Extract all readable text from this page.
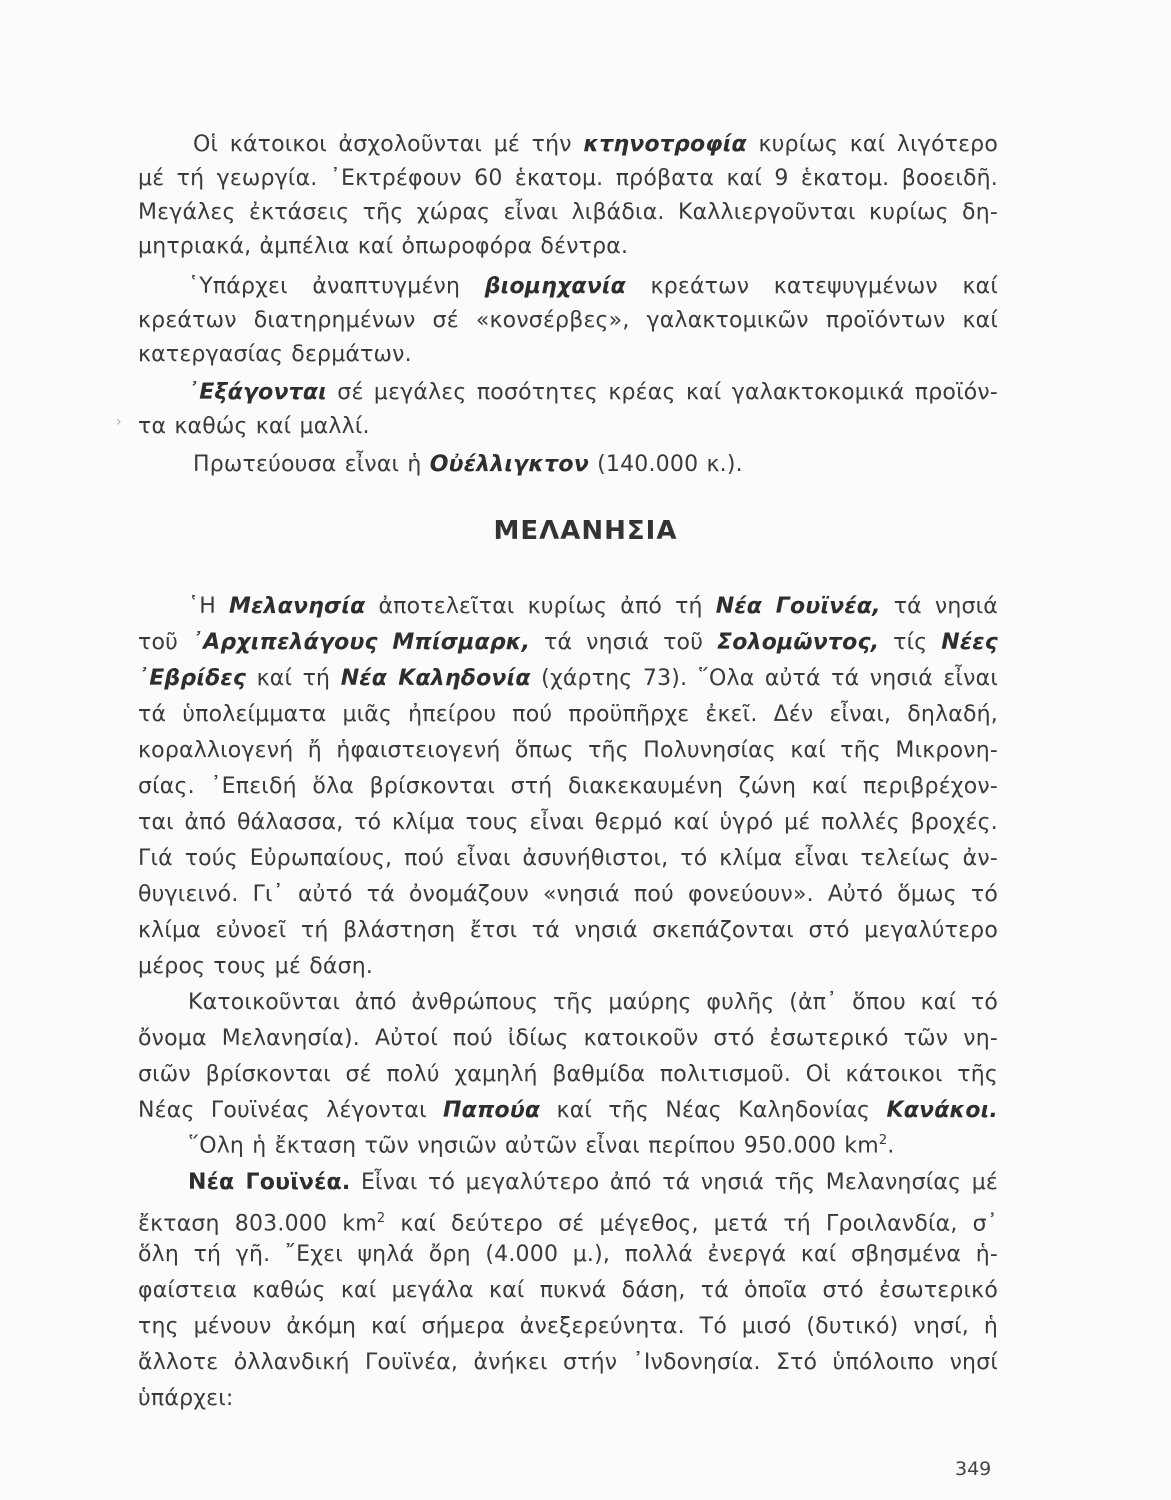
Οἱ κάτοικοι ἀσχολοῦνται μέ τήν κτηνοτροφία κυρίως καί λιγότερο
μέ τή γεωργία. ᾿Εκτρέφουν 60 ἑκατομ. πρόβατα καί 9 ἑκατομ. βοοειδῆ.
Μεγάλες ἐκτάσεις τῆς χώρας εἶναι λιβάδια. Καλλιεργοῦνται κυρίως δη-
μητριακά, ἀμπέλια καί ὀπωροφόρα δέντρα.
῾Υπάρχει ἀναπτυγμένη βιομηχανία κρεάτων κατεψυγμένων καί
κρεάτων διατηρημένων σέ «κονσέρβες», γαλακτομικῶν προϊόντων καί
κατεργασίας δερμάτων.
᾿Εξάγονται σέ μεγάλες ποσότητες κρέας καί γαλακτοκομικά προϊόν-
› τα καθώς καί μαλλί.
Πρωτεύουσα εἶναι ἡ Οὐέλλιγκτον (140.000 κ.).
ΜΕΛΑΝΗΣΙΑ
῾Η Μελανησία ἀποτελεῖται κυρίως ἀπό τή Νέα Γουϊνέα, τά νησιά
τοῦ ᾿Αρχιπελάγους Μπίσμαρκ, τά νησιά τοῦ Σολομῶντος, τίς Νέες
᾿Εβρίδες καί τή Νέα Καληδονία (χάρτης 73). ῞Ολα αὐτά τά νησιά εἶναι
τά ὑπολείμματα μιᾶς ἠπείρου πού προϋπῆρχε ἐκεῖ. Δέν εἶναι, δηλαδή,
κοραλλιογενή ἤ ἡφαιστειογενή ὅπως τῆς Πολυνησίας καί τῆς Μικρονη-
σίας. ᾿Επειδή ὅλα βρίσκονται στή διακεκαυμένη ζώνη καί περιβρέχον-
ται ἀπό θάλασσα, τό κλίμα τους εἶναι θερμό καί ὑγρό μέ πολλές βροχές.
Γιά τούς Εὐρωπαίους, πού εἶναι ἀσυνήθιστοι, τό κλίμα εἶναι τελείως ἀν-
θυγιεινό. Γι᾿ αὐτό τά ὀνομάζουν «νησιά πού φονεύουν». Αὐτό ὅμως τό
κλίμα εὐνοεῖ τή βλάστηση ἔτσι τά νησιά σκεπάζονται στό μεγαλύτερο
μέρος τους μέ δάση.
Κατοικοῦνται ἀπό ἀνθρώπους τῆς μαύρης φυλῆς (ἀπ᾿ ὅπου καί τό
ὄνομα Μελανησία). Αὐτοί πού ἰδίως κατοικοῦν στό ἐσωτερικό τῶν νη-
σιῶν βρίσκονται σέ πολύ χαμηλή βαθμίδα πολιτισμοῦ. Οἱ κάτοικοι τῆς
Νέας Γουϊνέας λέγονται Παπούα καί τῆς Νέας Καληδονίας Κανάκοι.
῞Ολη ἡ ἔκταση τῶν νησιῶν αὐτῶν εἶναι περίπου 950.000 $km^2$.
Νέα Γουϊνέα. Εἶναι τό μεγαλύτερο ἀπό τά νησιά τῆς Μελανησίας μέ
ἔκταση 803.000 $km^2$ καί δεύτερο σέ μέγεθος, μετά τή Γροιλανδία, σ᾿
ὅλη τή γῆ. ῎Εχει ψηλά ὄρη (4.000 μ.), πολλά ἐνεργά καί σβησμένα ἡ-
φαίστεια καθώς καί μεγάλα καί πυκνά δάση, τά ὁποῖα στό ἐσωτερικό
της μένουν ἀκόμη καί σήμερα ἀνεξερεύνητα. Τό μισό (δυτικό) νησί, ἡ
ἄλλοτε ὀλλανδική Γουϊνέα, ἀνήκει στήν ᾿Ινδονησία. Στό ὑπόλοιπο νησί
ὑπάρχει:
349
